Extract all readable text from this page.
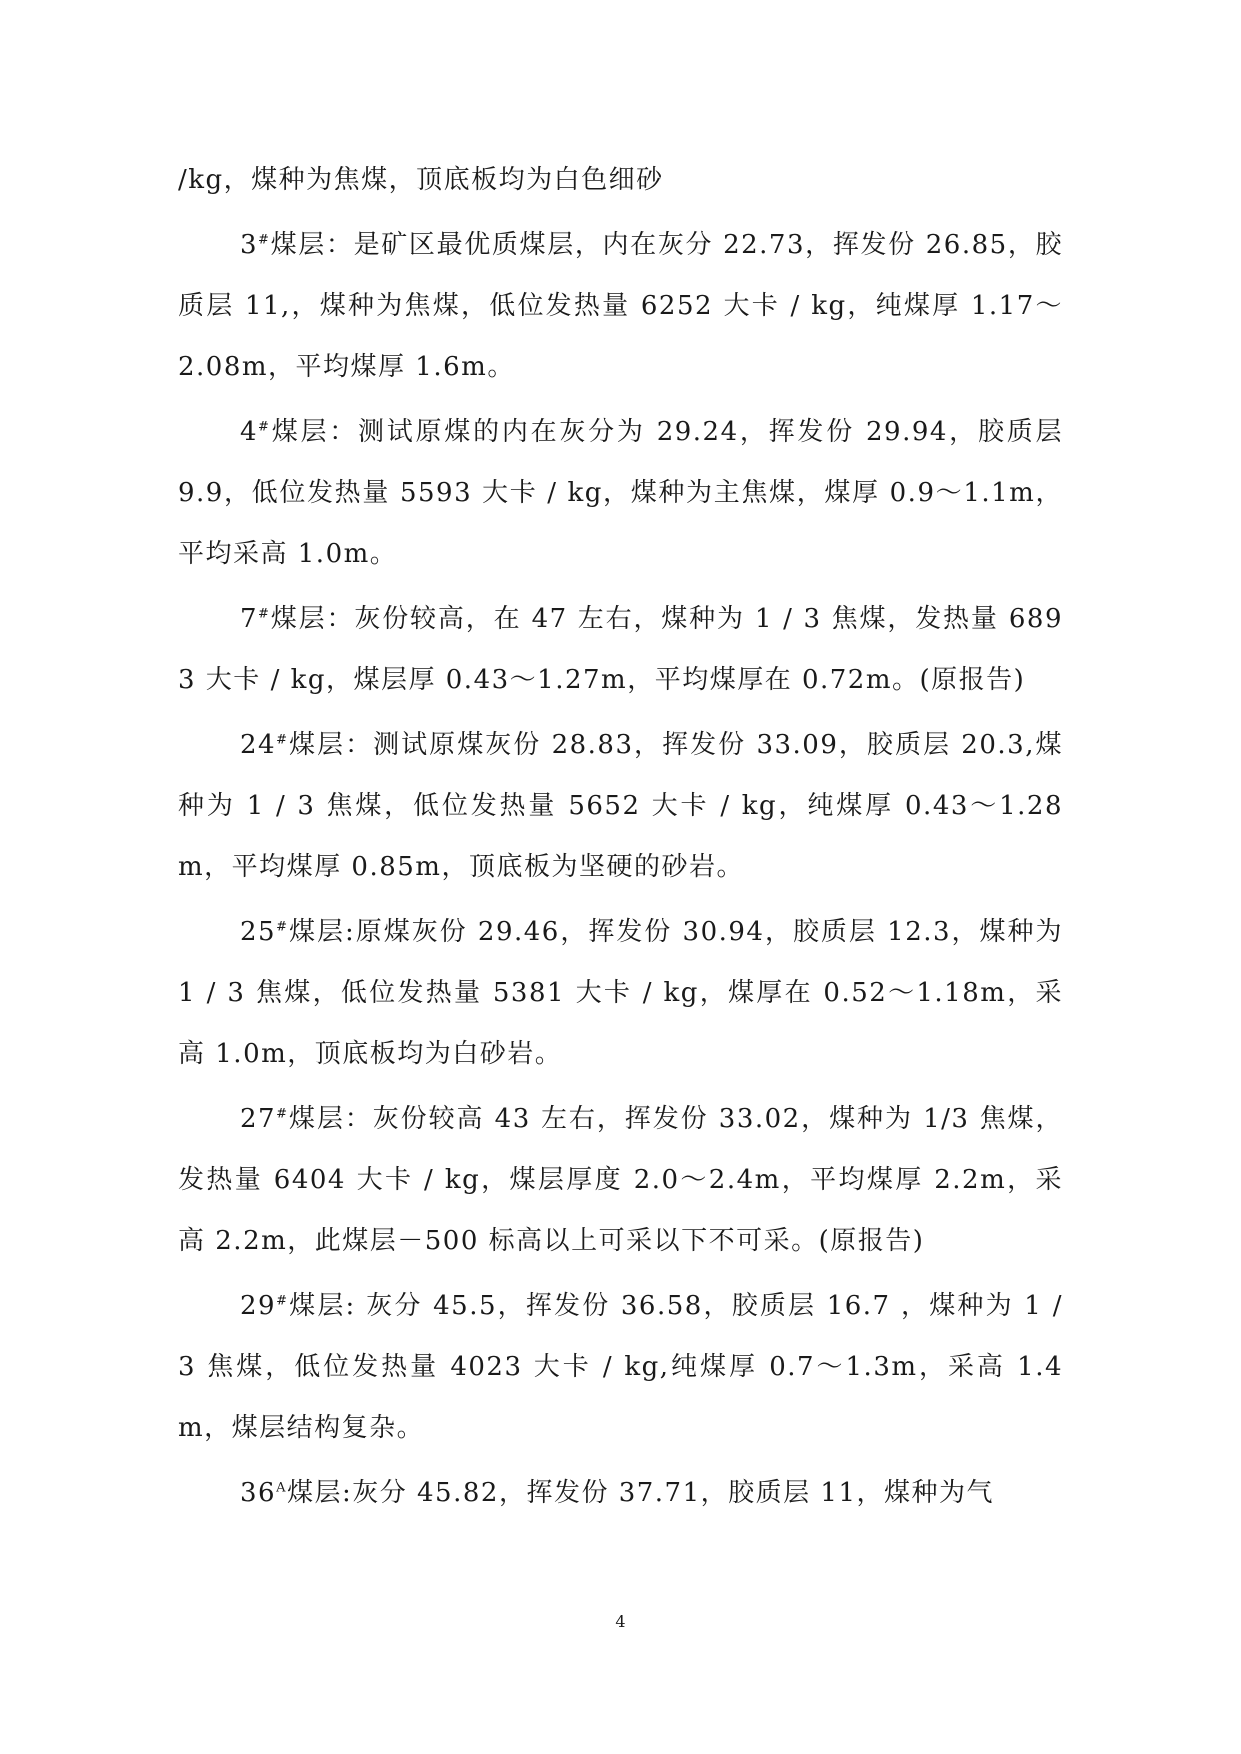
/kg，煤种为焦煤，顶底板均为白色细砂

3#煤层：是矿区最优质煤层，内在灰分 22.73，挥发份 26.85，胶质层 11,，煤种为焦煤，低位发热量 6252 大卡 / kg，纯煤厚 1.17～2.08m，平均煤厚 1.6m。

4#煤层：测试原煤的内在灰分为 29.24，挥发份 29.94，胶质层 9.9，低位发热量 5593 大卡 / kg，煤种为主焦煤，煤厚 0.9～1.1m，平均采高 1.0m。

7#煤层：灰份较高，在 47 左右，煤种为 1 / 3 焦煤，发热量 6893 大卡 / kg，煤层厚 0.43～1.27m，平均煤厚在 0.72m。(原报告)

24#煤层：测试原煤灰份 28.83，挥发份 33.09，胶质层 20.3,煤种为 1 / 3 焦煤，低位发热量 5652 大卡 / kg，纯煤厚 0.43～1.28m，平均煤厚 0.85m，顶底板为坚硬的砂岩。

25#煤层:原煤灰份 29.46，挥发份 30.94，胶质层 12.3，煤种为 1 / 3 焦煤，低位发热量 5381 大卡 / kg，煤厚在 0.52～1.18m，采高 1.0m，顶底板均为白砂岩。

27#煤层：灰份较高 43 左右，挥发份 33.02，煤种为 1/3 焦煤，发热量 6404 大卡 / kg，煤层厚度 2.0～2.4m，平均煤厚 2.2m，采高 2.2m，此煤层－500 标高以上可采以下不可采。(原报告)

29#煤层: 灰分 45.5，挥发份 36.58，胶质层 16.7 ，煤种为 1 / 3 焦煤，低位发热量 4023 大卡 / kg,纯煤厚 0.7～1.3m，采高 1.4m，煤层结构复杂。

$36^A$煤层:灰分 45.82，挥发份 37.71，胶质层 11，煤种为气

4
